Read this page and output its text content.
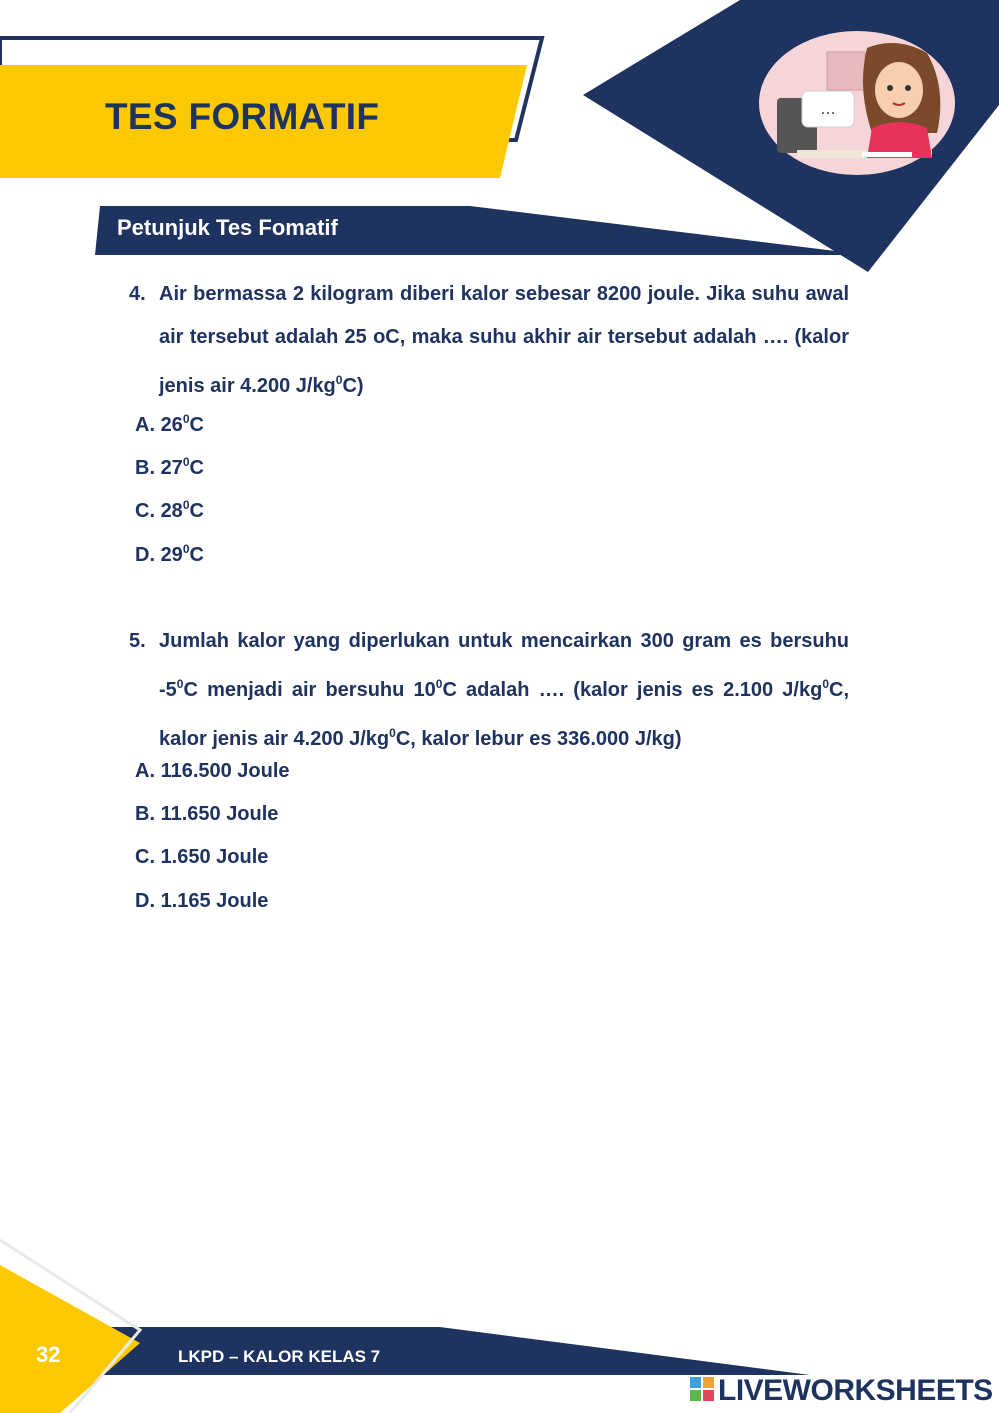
...
TES FORMATIF
Petunjuk Tes Fomatif
4. Air bermassa 2 kilogram diberi kalor sebesar 8200 joule. Jika suhu awal air tersebut adalah 25 oC, maka suhu akhir air tersebut adalah …. (kalor jenis air 4.200 $J/kg^0C$)
A. $26^0C$
B. $27^0C$
C. $28^0C$
D. $29^0C$
5. Jumlah kalor yang diperlukan untuk mencairkan 300 gram es bersuhu $-5^0C$ menjadi air bersuhu $10^0C$ adalah …. (kalor jenis es 2.100 $J/kg^0C$, kalor jenis air 4.200 $J/kg^0C$, kalor lebur es 336.000 J/kg)
A. 116.500 Joule
B. 11.650 Joule
C. 1.650 Joule
D. 1.165 Joule
32	LKPD – KALOR KELAS 7
LIVEWORKSHEETS
